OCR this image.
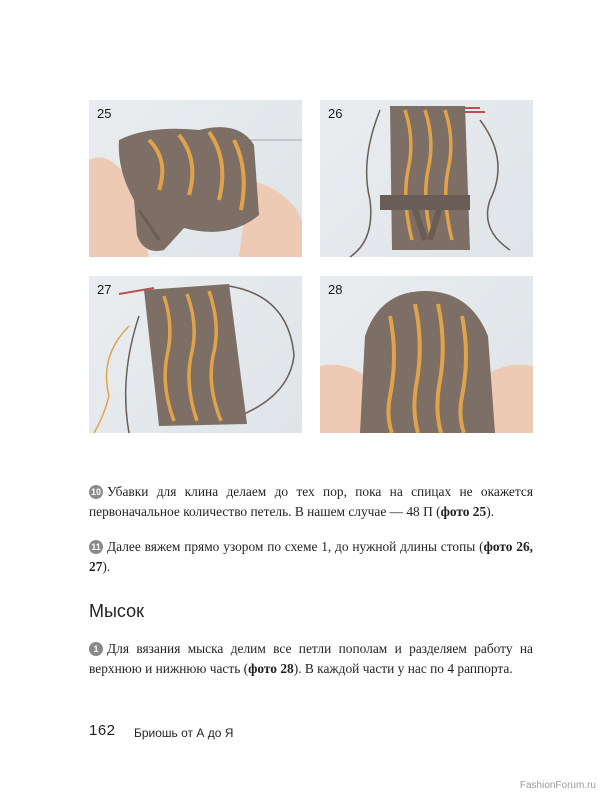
25	26
27	28
10 Убавки для клина делаем до тех пор, пока на спицах не окажется первоначальное количество петель. В нашем случае — 48 П (фото 25).
11 Далее вяжем прямо узором по схеме 1, до нужной длины стопы (фото 26, 27).
Мысок
1 Для вязания мыска делим все петли пополам и разделяем работу на верхнюю и нижнюю часть (фото 28). В каждой части у нас по 4 раппорта.
162 Бриошь от А до Я
FashionForum.ru
